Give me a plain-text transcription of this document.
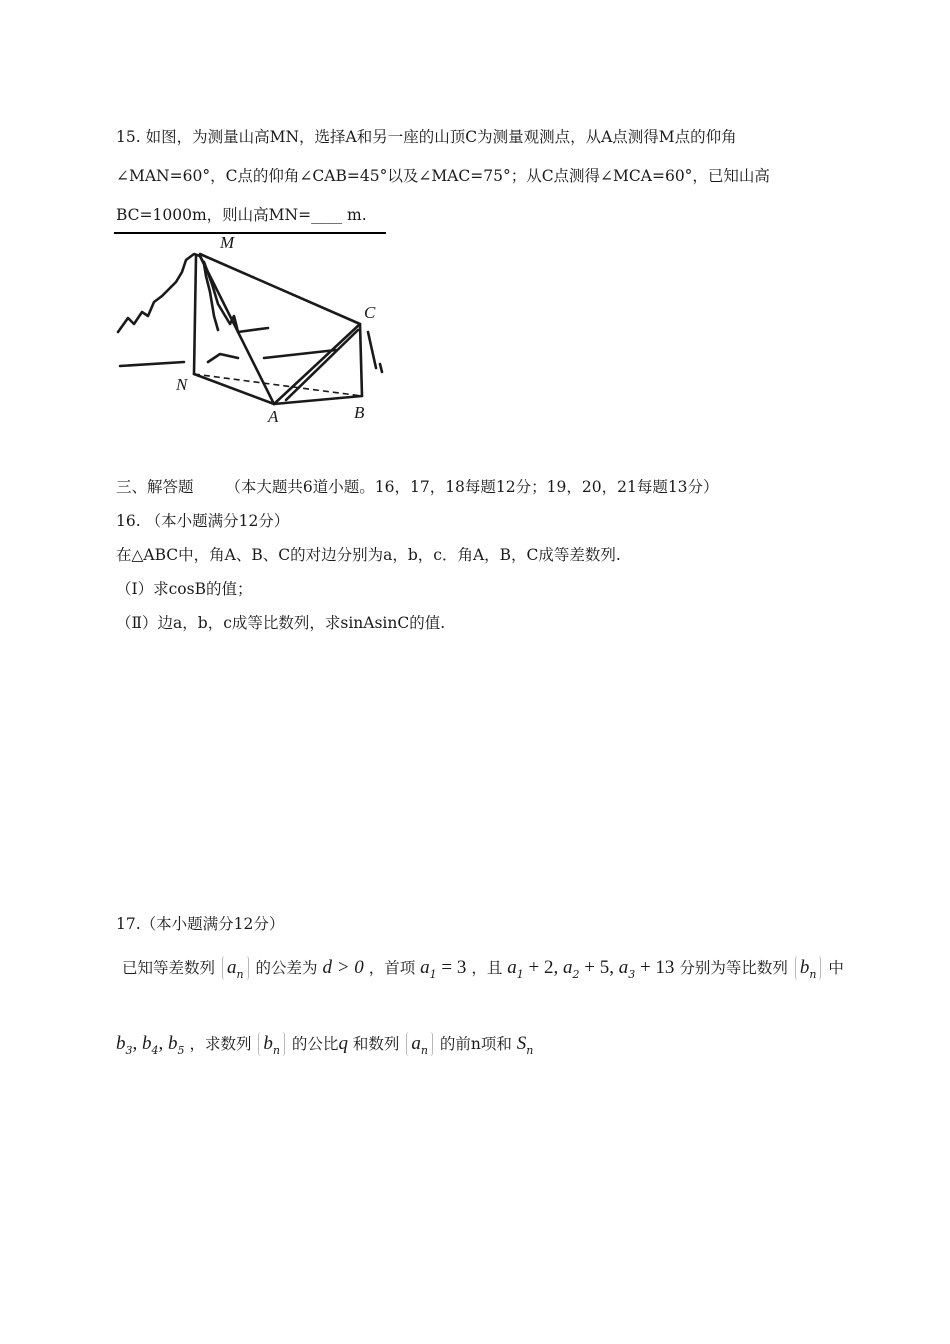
15. 如图，为测量山高MN，选择A和另一座的山顶C为测量观测点，从A点测得M点的仰角
∠MAN=60°，C点的仰角∠CAB=45°以及∠MAC=75°；从C点测得∠MCA=60°，已知山高
BC=1000m，则山高MN=____ m.
M
C
N
A	B
三、解答题 （本大题共6道小题。16，17，18每题12分；19，20，21每题13分）
16. （本小题满分12分）
在△ABC中，角A、B、C的对边分别为a，b，c．角A，B，C成等差数列.
（Ⅰ）求cosB的值；
（Ⅱ）边a，b，c成等比数列，求sinAsinC的值.
17.（本小题满分12分）
已知等差数列 $a_n$ 的公差为 d > 0 ，首项 $a_1 = 3$ ，且 $a_1 + 2$, $a_2 + 5$, $a_3 + 13$ 分别为等比数列 $b_n$ 中
$b_3$, $b_4$, $b_5$ ，求数列 $b_n$ 的公比q 和数列 $a_n$ 的前n项和 $S_n$
